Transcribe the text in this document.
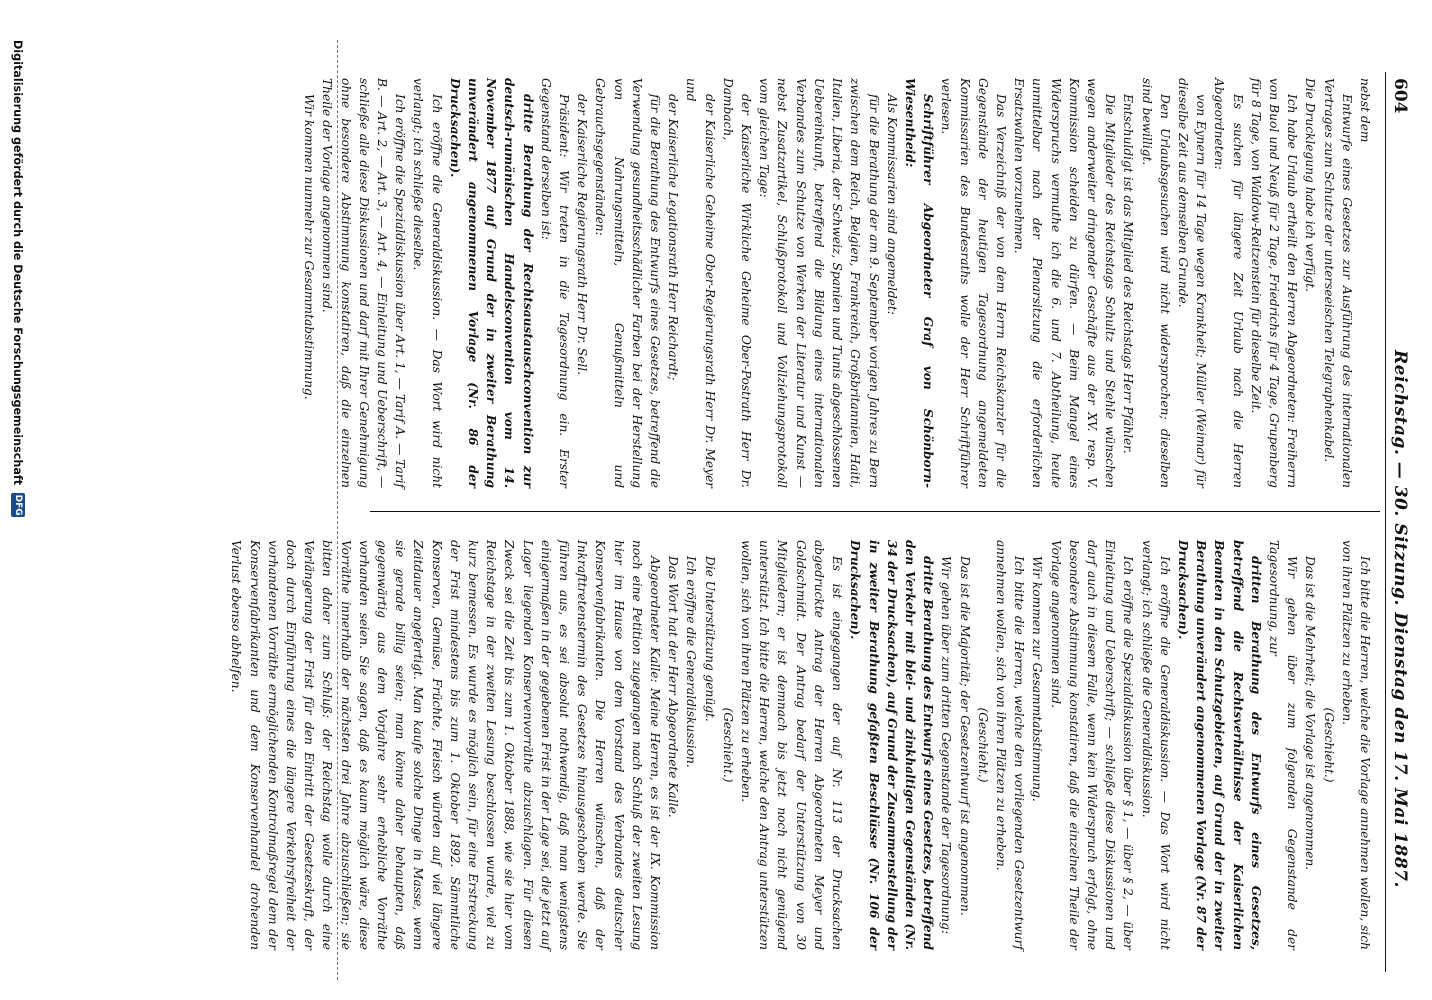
604
Reichstag. — 30. Sitzung. Dienstag den 17. Mai 1887.

nebst dem

Entwurfe eines Gesetzes zur Ausführung des internationalen Vertrages zum Schutze der unterseeischen Telegraphenkabel.

Die Drucklegung habe ich verfügt.

Ich habe Urlaub ertheilt den Herren Abgeordneten: Freiherrn von Buol und Neuß für 2 Tage, Friedrichs für 4 Tage, Grupenberg für 8 Tage, von Waldow-Reitzenstein für dieselbe Zeit.

Es suchen für längere Zeit Urlaub nach die Herren Abgeordneten:

von Eynern für 14 Tage wegen Krankheit; Müller (Weimar) für dieselbe Zeit aus demselben Grunde.

Den Urlaubsgesuchen wird nicht widersprochen; dieselben sind bewilligt.

Entschuldigt ist das Mitglied des Reichstags Herr Pfähler.

Die Mitglieder des Reichstags Schultz und Stehle wünschen wegen anderweiter dringender Geschäfte aus der XV. resp. V. Kommission scheiden zu dürfen. — Beim Mangel eines Widerspruchs vermuthe ich die 6. und 7. Abtheilung, heute unmittelbar nach der Plenarsitzung die erforderlichen Ersatzwahlen vorzunehmen.

Das Verzeichniß der von dem Herrn Reichskanzler für die Gegenstände der heutigen Tagesordnung angemeldeten Kommissarien des Bundesraths wolle der Herr Schriftführer verlesen.

Schriftführer Abgeordneter Graf von Schönborn-Wiesentheid:

Als Kommissarien sind angemeldet:

für die Berathung der am 9. September vorigen Jahres zu Bern zwischen dem Reich, Belgien, Frankreich, Großbritannien, Haiti, Italien, Liberia, der Schweiz, Spanien und Tunis abgeschlossenen Uebereinkunft, betreffend die Bildung eines internationalen Verbandes zum Schutze von Werken der Literatur und Kunst — nebst Zusatzartikel, Schlußprotokoll und Vollziehungsprotokoll vom gleichen Tage:

der Kaiserliche Wirkliche Geheime Ober-Postrath Herr Dr. Dambach,

der Kaiserliche Geheime Ober-Regierungsrath Herr Dr. Meyer und

der Kaiserliche Legationsrath Herr Reichardt;

für die Berathung des Entwurfs eines Gesetzes, betreffend die Verwendung gesundheitsschädlicher Farben bei der Herstellung von Nahrungsmitteln, Genußmitteln und Gebrauchsgegenständen:

der Kaiserliche Regierungsrath Herr Dr. Sell.

Präsident: Wir treten in die Tagesordnung ein. Erster Gegenstand derselben ist:

dritte Berathung der Rechtsaustauschconvention zur deutsch-rumänischen Handelsconvention vom 14. November 1877 auf Grund der in zweiter Berathung unverändert angenommenen Vorlage (Nr. 86 der Drucksachen).

Ich eröffne die Generaldiskussion. — Das Wort wird nicht verlangt; ich schließe dieselbe.

Ich eröffne die Spezialdiskussion über Art. 1, — Tarif A. — Tarif B. — Art. 2, — Art. 3, — Art. 4, — Einleitung und Ueberschrift, — schließe alle diese Diskussionen und darf mit Ihrer Genehmigung ohne besondere Abstimmung konstatiren, daß die einzelnen Theile der Vorlage angenommen sind.

Wir kommen nunmehr zur Gesammtabstimmung.

Ich bitte die Herren, welche die Vorlage annehmen wollen, sich von ihren Plätzen zu erheben.

(Geschieht.)

Das ist die Mehrheit; die Vorlage ist angenommen.

Wir gehen über zum folgenden Gegenstande der Tagesordnung, zur

dritten Berathung des Entwurfs eines Gesetzes, betreffend die Rechtsverhältnisse der Kaiserlichen Beamten in den Schutzgebieten, auf Grund der in zweiter Berathung unverändert angenommenen Vorlage (Nr. 87 der Drucksachen).

Ich eröffne die Generaldiskussion. — Das Wort wird nicht verlangt; ich schließe die Generaldiskussion.

Ich eröffne die Spezialdiskussion über § 1, — über § 2, — über Einleitung und Ueberschrift; — schließe diese Diskussionen und darf auch in diesem Falle, wenn kein Widerspruch erfolgt, ohne besondere Abstimmung konstatiren, daß die einzelnen Theile der Vorlage angenommen sind.

Wir kommen zur Gesammtabstimmung.

Ich bitte die Herren, welche den vorliegenden Gesetzentwurf annehmen wollen, sich von ihren Plätzen zu erheben.

(Geschieht.)

Das ist die Majorität; der Gesetzentwurf ist angenommen.

Wir gehen über zum dritten Gegenstande der Tagesordnung:

dritte Berathung des Entwurfs eines Gesetzes, betreffend den Verkehr mit blei- und zinkhaltigen Gegenständen (Nr. 34 der Drucksachen), auf Grund der Zusammenstellung der in zweiter Berathung gefaßten Beschlüsse (Nr. 106 der Drucksachen).

Es ist eingegangen der auf Nr. 113 der Drucksachen abgedruckte Antrag der Herren Abgeordneten Meyer und Goldschmidt. Der Antrag bedarf der Unterstützung von 30 Mitgliedern; er ist demnach bis jetzt noch nicht genügend unterstützt. Ich bitte die Herren, welche den Antrag unterstützen wollen, sich von ihren Plätzen zu erheben.

(Geschieht.)

Die Unterstützung genügt.

Ich eröffne die Generaldiskussion.

Das Wort hat der Herr Abgeordnete Kalle.

Abgeordneter Kalle: Meine Herren, es ist der IX. Kommission noch eine Petition zugegangen nach Schluß der zweiten Lesung hier im Hause von dem Vorstand des Verbandes deutscher Konservenfabrikanten. Die Herren wünschen, daß der Inkrafttretenstermin des Gesetzes hinausgeschoben werde. Sie führen aus, es sei absolut nothwendig, daß man wenigstens einigermaßen in der gegebenen Frist in der Lage sei, die jetzt auf Lager liegenden Konservenvorräthe abzuschlagen. Für diesen Zweck sei die Zeit bis zum 1. Oktober 1888, wie sie hier vom Reichstage in der zweiten Lesung beschlossen wurde, viel zu kurz bemessen. Es wurde es möglich sein, für eine Erstreckung der Frist mindestens bis zum 1. Oktober 1892. Sämmtliche Konserven, Gemüse, Früchte, Fleisch würden auf viel längere Zeitdauer angefertigt. Man kaufe solche Dinge in Masse, wenn sie gerade billig seien; man könne daher behaupten, daß gegenwärtig aus dem Vorjahre sehr erhebliche Vorräthe vorhanden seien. Sie sagen, daß es kaum möglich wäre, diese Vorräthe innerhalb der nächsten drei Jahre abzuschließen; sie bitten daher zum Schluß: der Reichstag wolle durch eine Verlängerung der Frist für den Eintritt der Gesetzeskraft, der doch durch Einführung eines die längere Verkehrsfreiheit der vorhandenen Vorräthe ermöglichenden Kontrolmaßregel dem der Konservenfabrikanten und dem Konservenhandel drohenden Verlust ebenso abhelfen.

Digitalisierung gefördert durch die Deutsche Forschungsgemeinschaft
DFG
